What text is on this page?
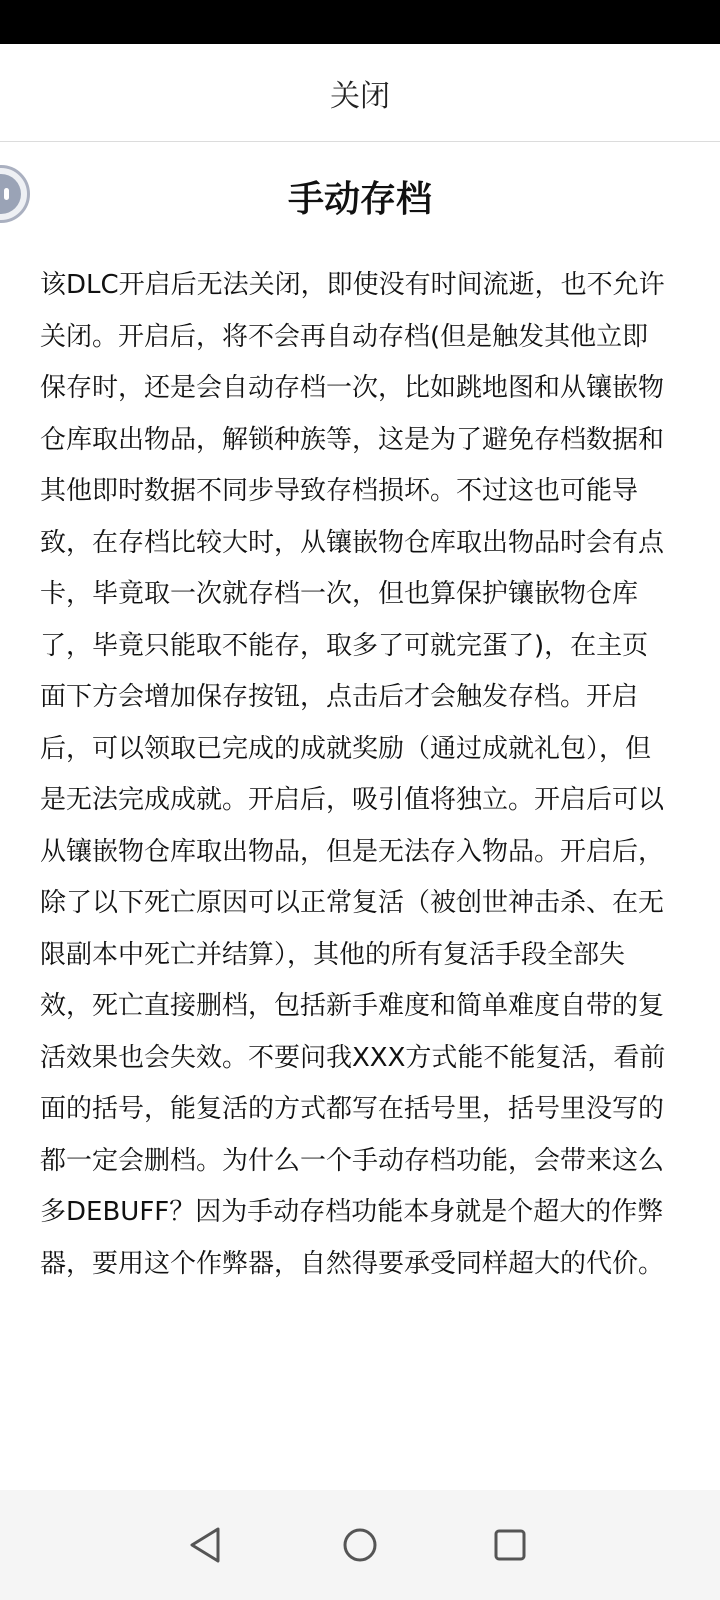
关闭
手动存档

该DLC开启后无法关闭，即使没有时间流逝，也不允许关闭。开启后，将不会再自动存档(但是触发其他立即保存时，还是会自动存档一次，比如跳地图和从镶嵌物仓库取出物品，解锁种族等，这是为了避免存档数据和其他即时数据不同步导致存档损坏。不过这也可能导致，在存档比较大时，从镶嵌物仓库取出物品时会有点卡，毕竟取一次就存档一次，但也算保护镶嵌物仓库了，毕竟只能取不能存，取多了可就完蛋了)，在主页面下方会增加保存按钮，点击后才会触发存档。开启后，可以领取已完成的成就奖励（通过成就礼包），但是无法完成成就。开启后，吸引值将独立。开启后可以从镶嵌物仓库取出物品，但是无法存入物品。开启后，除了以下死亡原因可以正常复活（被创世神击杀、在无限副本中死亡并结算），其他的所有复活手段全部失效，死亡直接删档，包括新手难度和简单难度自带的复活效果也会失效。不要问我XXX方式能不能复活，看前面的括号，能复活的方式都写在括号里，括号里没写的都一定会删档。为什么一个手动存档功能，会带来这么多DEBUFF？因为手动存档功能本身就是个超大的作弊器，要用这个作弊器，自然得要承受同样超大的代价。
